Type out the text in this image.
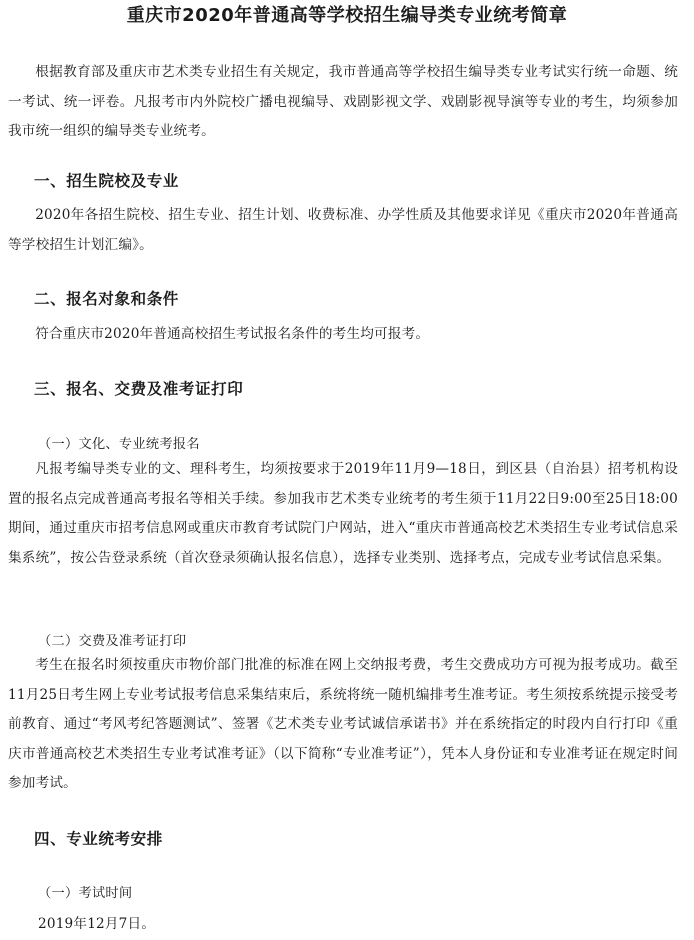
重庆市2020年普通高等学校招生编导类专业统考简章
根据教育部及重庆市艺术类专业招生有关规定，我市普通高等学校招生编导类专业考试实行统一命题、统一考试、统一评卷。凡报考市内外院校广播电视编导、戏剧影视文学、戏剧影视导演等专业的考生，均须参加我市统一组织的编导类专业统考。
一、招生院校及专业
2020年各招生院校、招生专业、招生计划、收费标准、办学性质及其他要求详见《重庆市2020年普通高等学校招生计划汇编》。
二、报名对象和条件
符合重庆市2020年普通高校招生考试报名条件的考生均可报考。
三、报名、交费及准考证打印
（一）文化、专业统考报名
凡报考编导类专业的文、理科考生，均须按要求于2019年11月9—18日，到区县（自治县）招考机构设置的报名点完成普通高考报名等相关手续。参加我市艺术类专业统考的考生须于11月22日9:00至25日18:00期间，通过重庆市招考信息网或重庆市教育考试院门户网站，进入“重庆市普通高校艺术类招生专业考试信息采集系统”，按公告登录系统（首次登录须确认报名信息），选择专业类别、选择考点，完成专业考试信息采集。
（二）交费及准考证打印
考生在报名时须按重庆市物价部门批准的标准在网上交纳报考费，考生交费成功方可视为报考成功。截至11月25日考生网上专业考试报考信息采集结束后，系统将统一随机编排考生准考证。考生须按系统提示接受考前教育、通过“考风考纪答题测试”、签署《艺术类专业考试诚信承诺书》并在系统指定的时段内自行打印《重庆市普通高校艺术类招生专业考试准考证》（以下简称“专业准考证”），凭本人身份证和专业准考证在规定时间参加考试。
四、专业统考安排
（一）考试时间
2019年12月7日。
